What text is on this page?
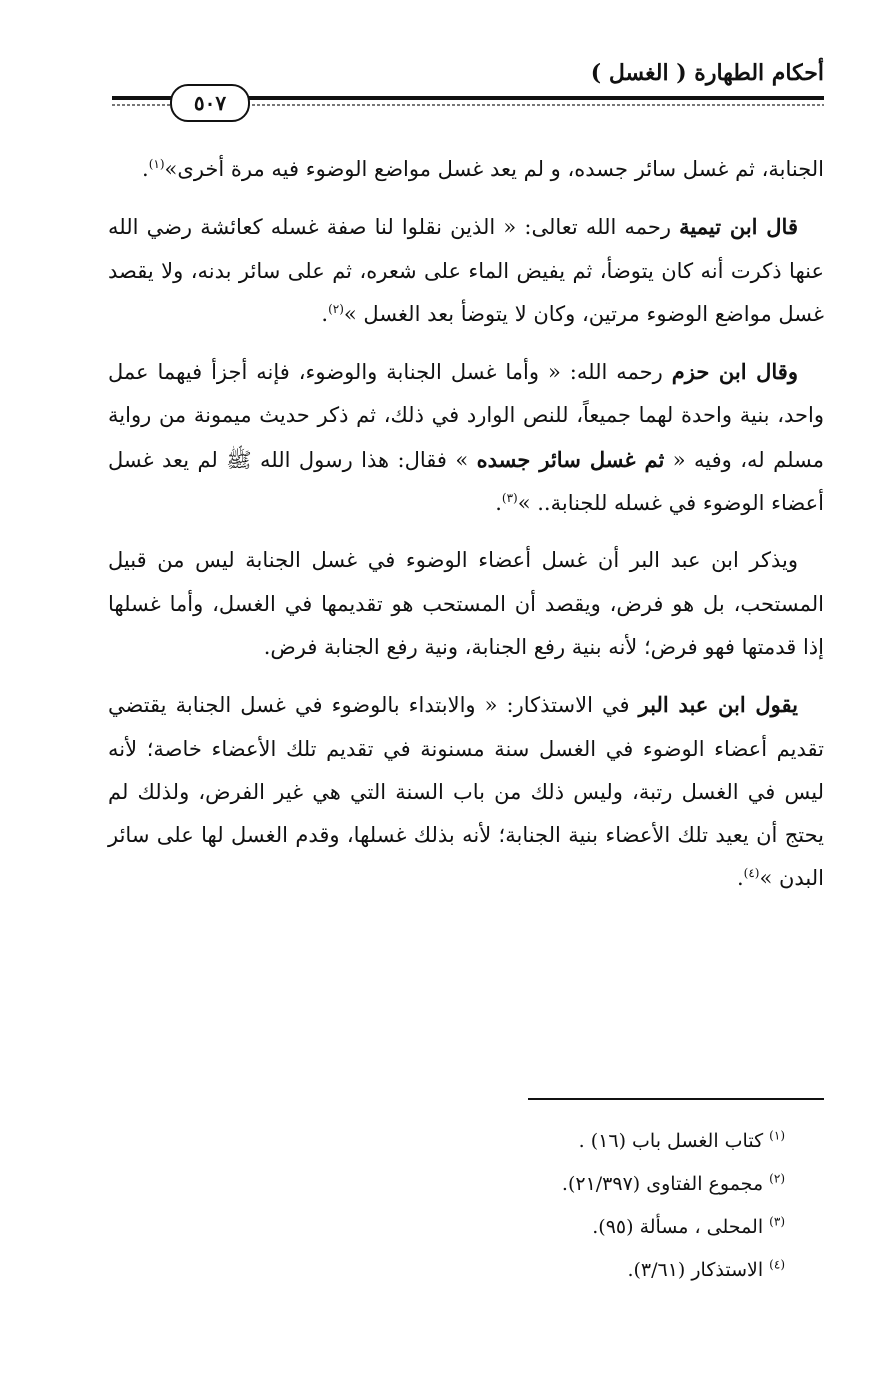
أحكام الطهارة ( الغسل )
٥٠٧

الجنابة، ثم غسل سائر جسده، و لم يعد غسل مواضع الوضوء فيه مرة أخرى»$^{(١)}$.

قال ابن تيمية رحمه الله تعالى: « الذين نقلوا لنا صفة غسله كعائشة رضي الله عنها ذكرت أنه كان يتوضأ، ثم يفيض الماء على شعره، ثم على سائر بدنه، ولا يقصد غسل مواضع الوضوء مرتين، وكان لا يتوضأ بعد الغسل »$^{(٢)}$.

وقال ابن حزم رحمه الله: « وأما غسل الجنابة والوضوء، فإنه أجزأ فيهما عمل واحد، بنية واحدة لهما جميعاً، للنص الوارد في ذلك، ثم ذكر حديث ميمونة من رواية مسلم له، وفيه « ثم غسل سائر جسده » فقال: هذا رسول الله ﷺ لم يعد غسل أعضاء الوضوء في غسله للجنابة.. »$^{(٣)}$.

ويذكر ابن عبد البر أن غسل أعضاء الوضوء في غسل الجنابة ليس من قبيل المستحب، بل هو فرض، ويقصد أن المستحب هو تقديمها في الغسل، وأما غسلها إذا قدمتها فهو فرض؛ لأنه بنية رفع الجنابة، ونية رفع الجنابة فرض.

يقول ابن عبد البر في الاستذكار: « والابتداء بالوضوء في غسل الجنابة يقتضي تقديم أعضاء الوضوء في الغسل سنة مسنونة في تقديم تلك الأعضاء خاصة؛ لأنه ليس في الغسل رتبة، وليس ذلك من باب السنة التي هي غير الفرض، ولذلك لم يحتج أن يعيد تلك الأعضاء بنية الجنابة؛ لأنه بذلك غسلها، وقدم الغسل لها على سائر البدن »$^{(٤)}$.

$^{(١)}$ كتاب الغسل باب (١٦) .
$^{(٢)}$ مجموع الفتاوى (٢١/٣٩٧).
$^{(٣)}$ المحلى ، مسألة (٩٥).
$^{(٤)}$ الاستذكار (٣/٦١).
